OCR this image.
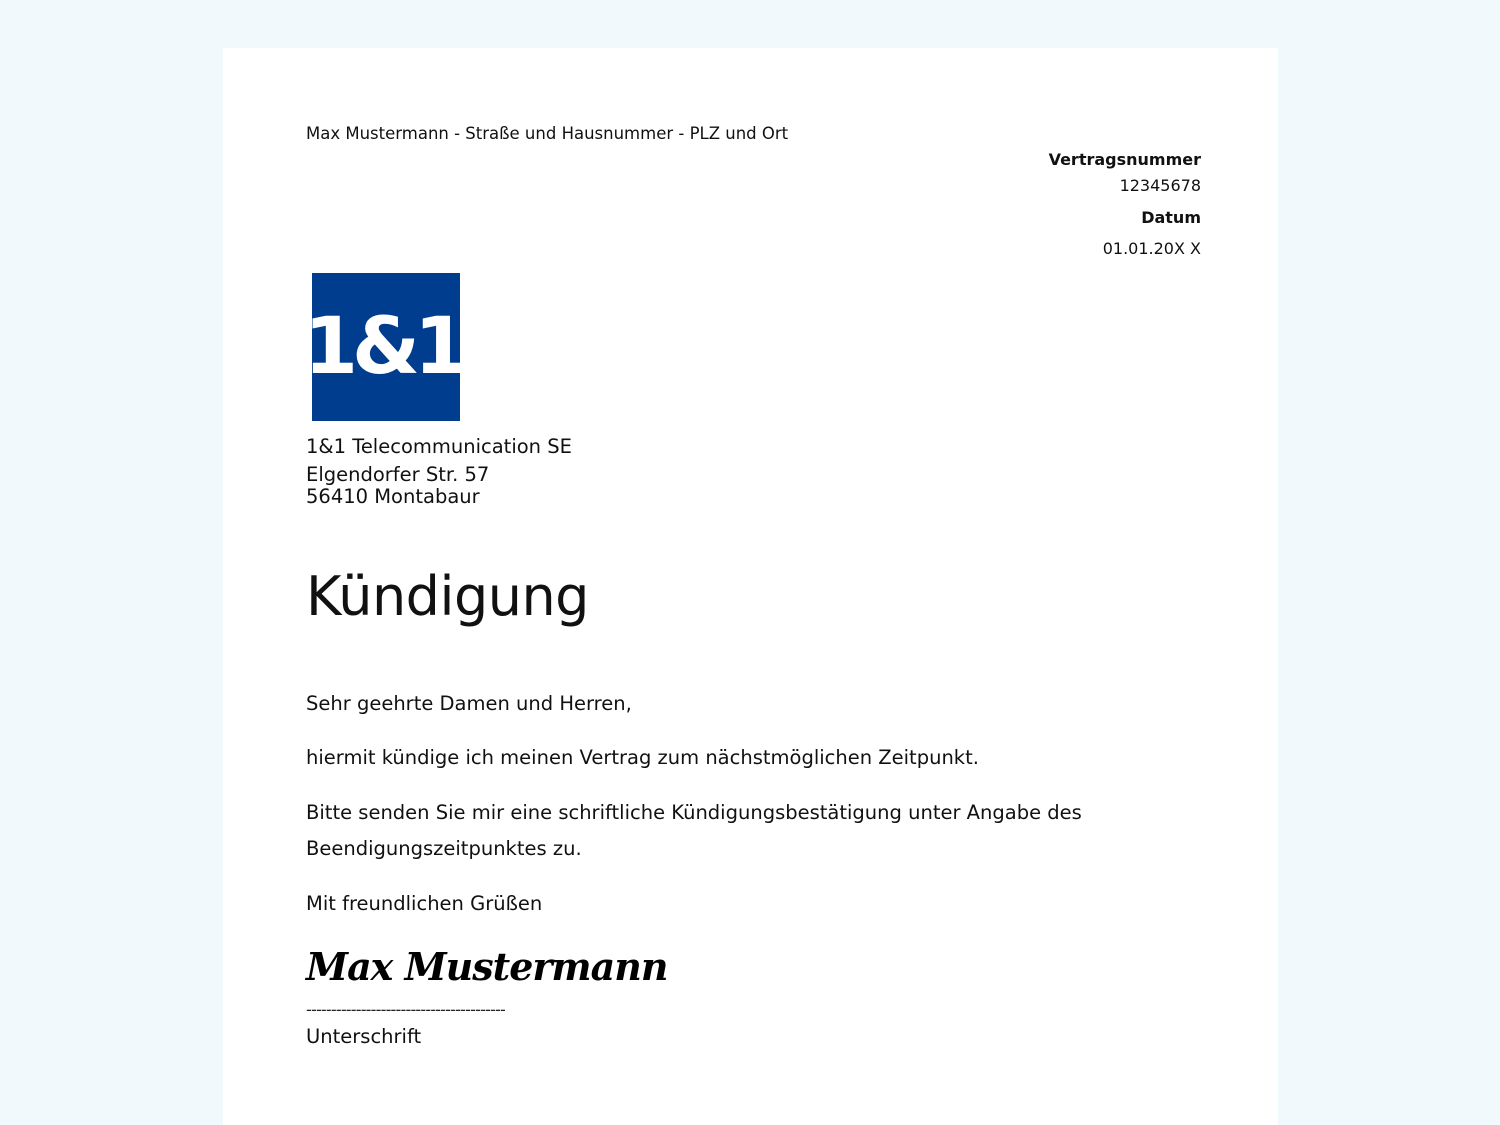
Max Mustermann - Straße und Hausnummer - PLZ und Ort

Vertragsnummer

12345678

Datum

01.01.20X X

1&1

1&1 Telecommunication SE

Elgendorfer Str. 57

56410 Montabaur

Kündigung

Sehr geehrte Damen und Herren,

hiermit kündige ich meinen Vertrag zum nächstmöglichen Zeitpunkt.

Bitte senden Sie mir eine schriftliche Kündigungsbestätigung unter Angabe des

Beendigungszeitpunktes zu.

Mit freundlichen Grüßen

Max Mustermann

----------------------------------------

Unterschrift
